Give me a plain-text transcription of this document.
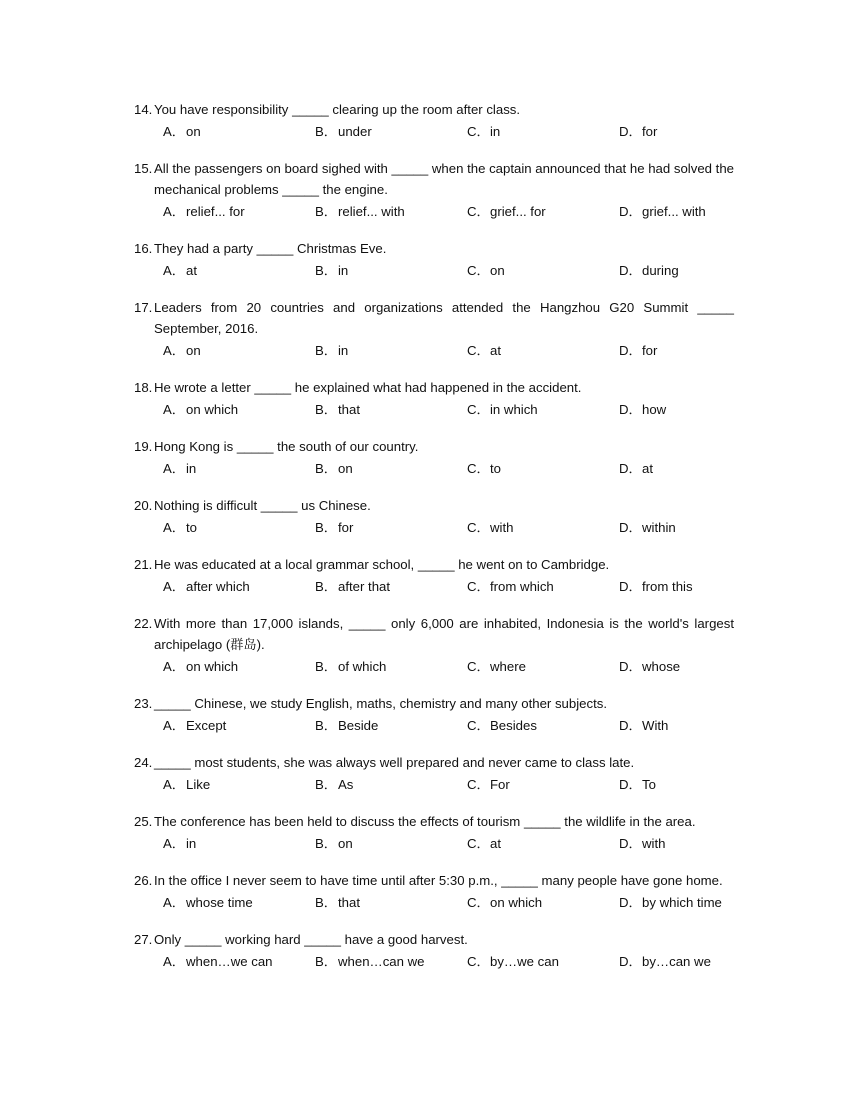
14. You have responsibility _____ clearing up the room after class.
A．on	B．under	C．in	D．for
15. All the passengers on board sighed with _____ when the captain announced that he had solved the mechanical problems _____ the engine.
A．relief... for	B．relief... with	C．grief... for	D．grief... with
16. They had a party _____ Christmas Eve.
A．at	B．in	C．on	D．during
17. Leaders from 20 countries and organizations attended the Hangzhou G20 Summit _____ September, 2016.
A．on	B．in	C．at	D．for
18. He wrote a letter _____ he explained what had happened in the accident.
A．on which	B．that	C．in which	D．how
19. Hong Kong is _____ the south of our country.
A．in	B．on	C．to	D．at
20. Nothing is difficult _____ us Chinese.
A．to	B．for	C．with	D．within
21. He was educated at a local grammar school, _____ he went on to Cambridge.
A．after which	B．after that	C．from which	D．from this
22. With more than 17,000 islands, _____ only 6,000 are inhabited, Indonesia is the world's largest archipelago (群岛).
A．on which	B．of which	C．where	D．whose
23. _____ Chinese, we study English, maths, chemistry and many other subjects.
A．Except	B．Beside	C．Besides	D．With
24. _____ most students, she was always well prepared and never came to class late.
A．Like	B．As	C．For	D．To
25. The conference has been held to discuss the effects of tourism _____ the wildlife in the area.
A．in	B．on	C．at	D．with
26. In the office I never seem to have time until after 5:30 p.m., _____ many people have gone home.
A．whose time	B．that	C．on which	D．by which time
27. Only _____ working hard _____ have a good harvest.
A．when…we can	B．when…can we	C．by…we can	D．by…can we
